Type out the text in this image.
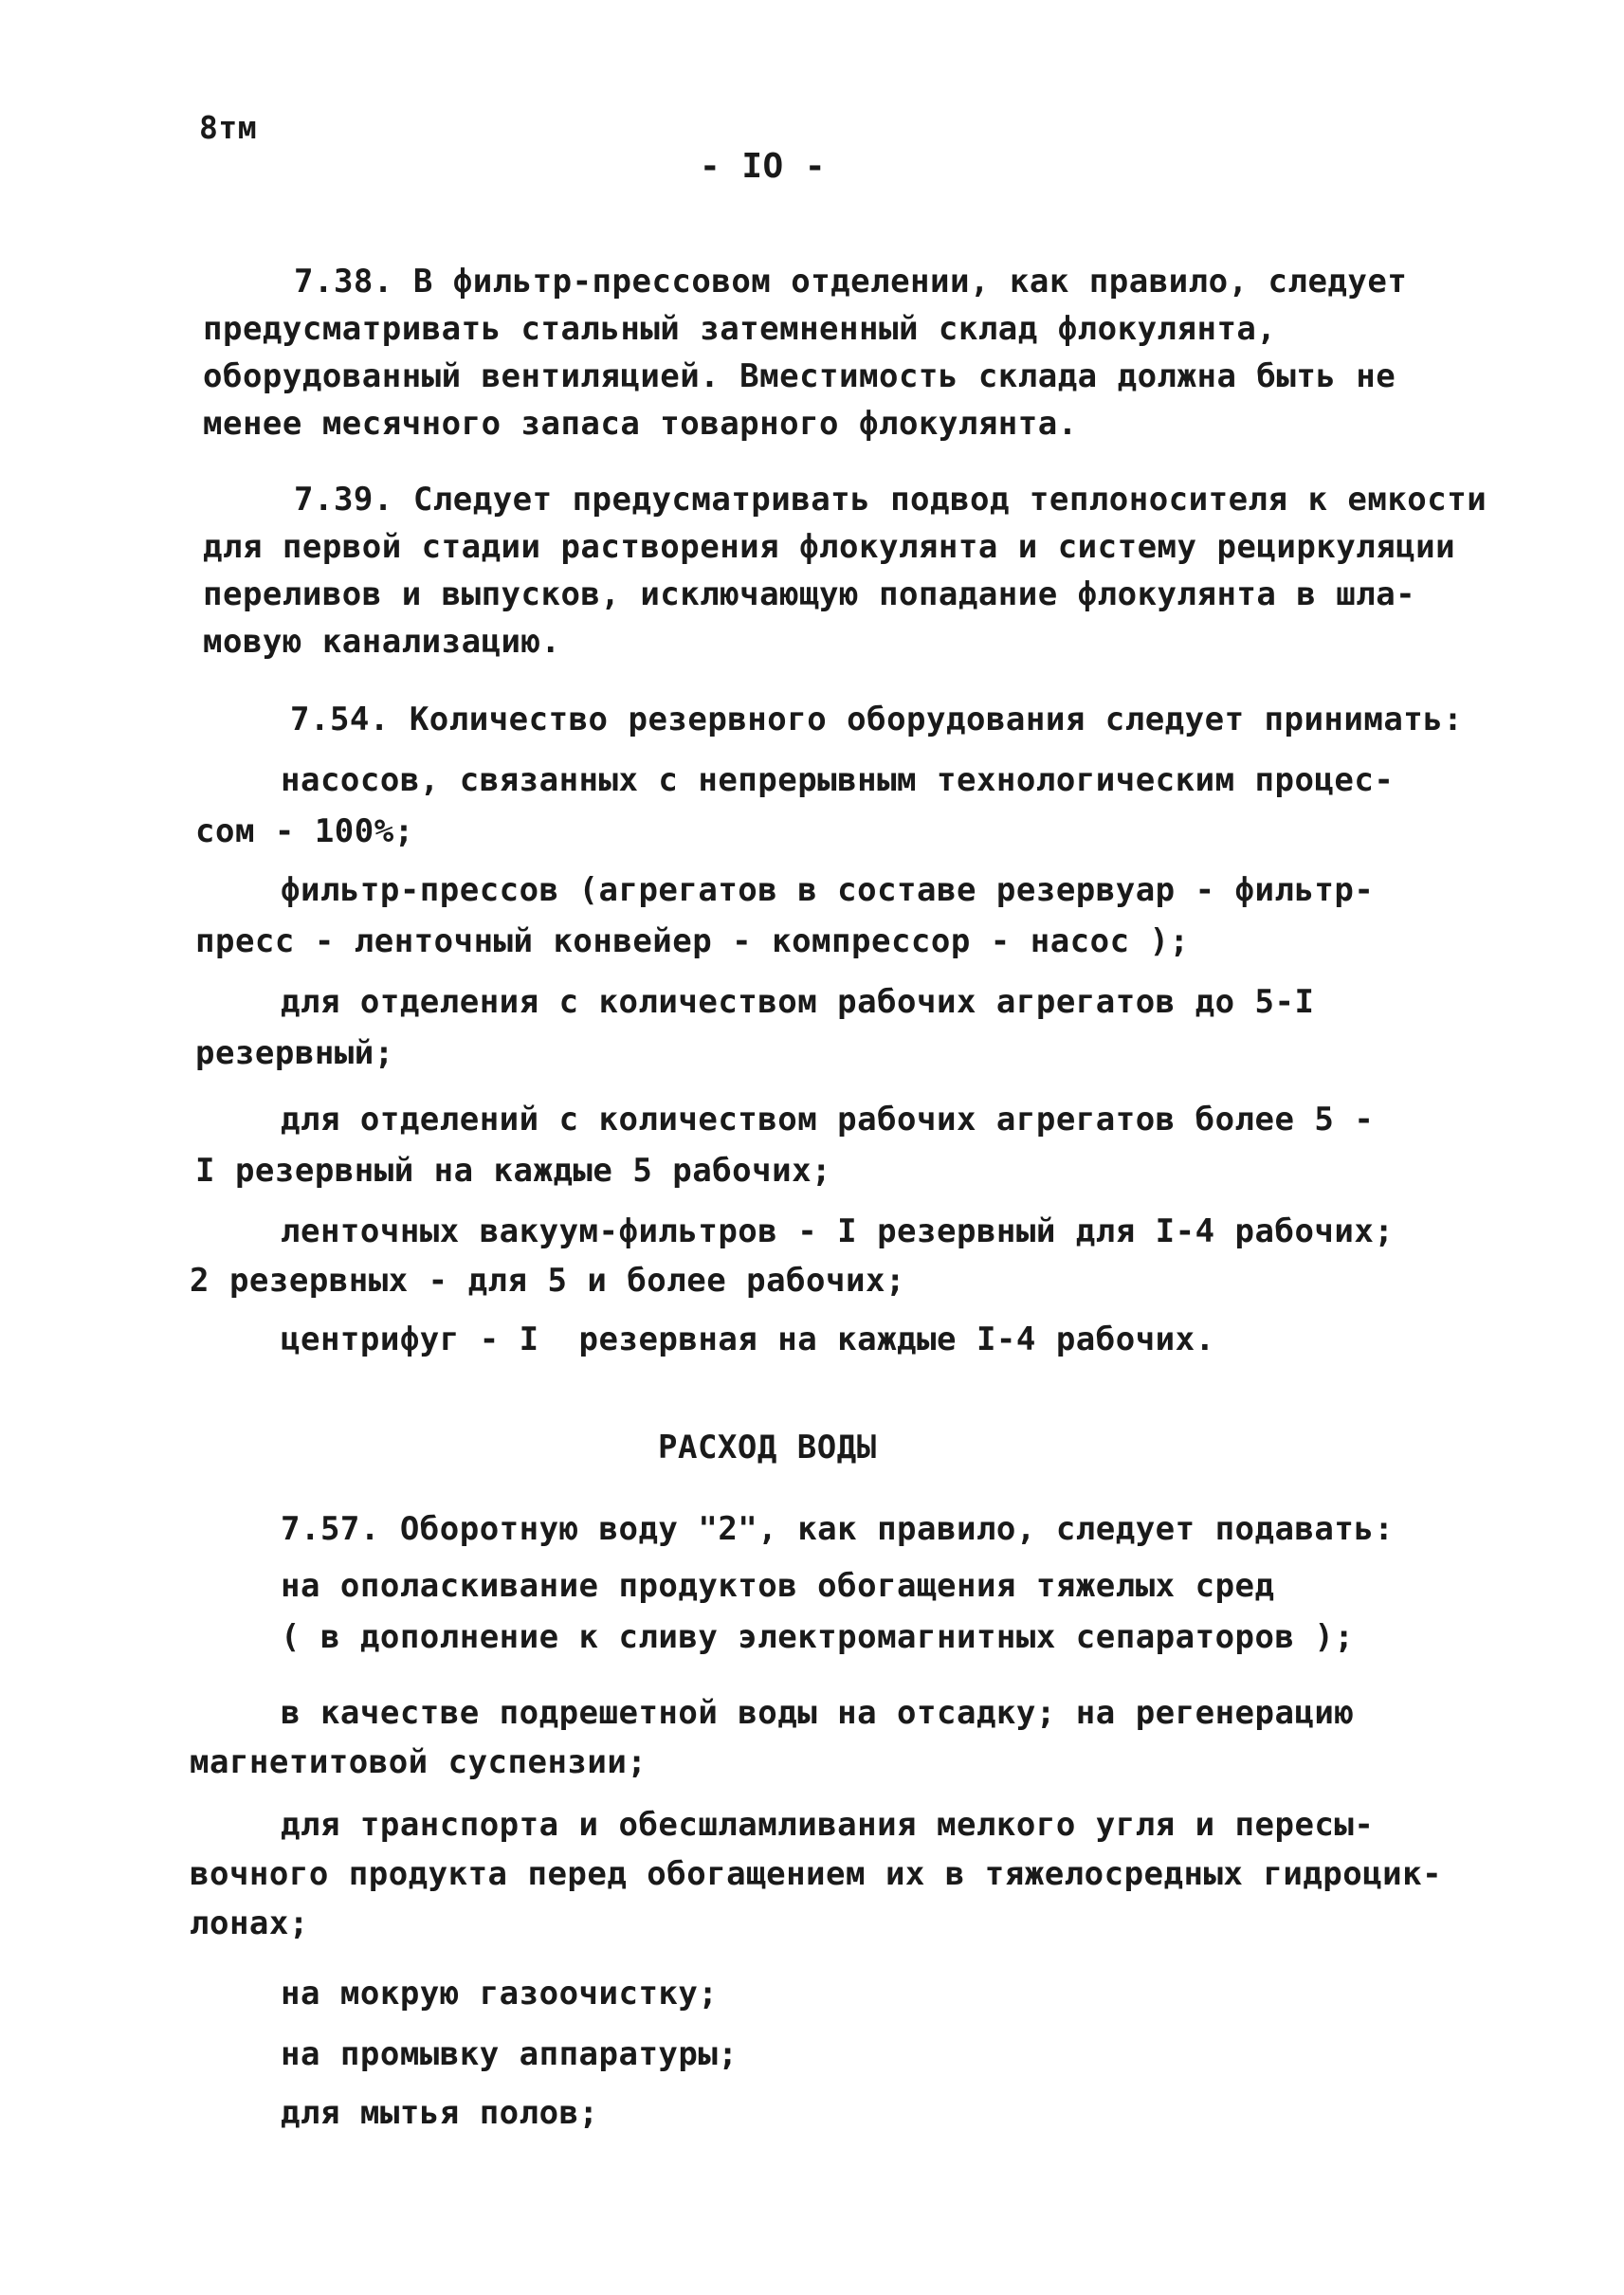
8тм
- IO -
7.38. В фильтр-прессовом отделении, как правило, следует
предусматривать стальный затемненный склад флокулянта,
оборудованный вентиляцией. Вместимость склада должна быть не
менее месячного запаса товарного флокулянта.
7.39. Следует предусматривать подвод теплоносителя к емкости
для первой стадии растворения флокулянта и систему рециркуляции
переливов и выпусков, исключающую попадание флокулянта в шла-
мовую канализацию.
7.54. Количество резервного оборудования следует принимать:
насосов, связанных с непрерывным технологическим процес-
сом - 100%;
фильтр-прессов (агрегатов в составе резервуар - фильтр-
пресс - ленточный конвейер - компрессор - насос );
для отделения с количеством рабочих агрегатов до 5-I
резервный;
для отделений с количеством рабочих агрегатов более 5 -
I резервный на каждые 5 рабочих;
ленточных вакуум-фильтров - I резервный для I-4 рабочих;
2 резервных - для 5 и более рабочих;
центрифуг - I  резервная на каждые I-4 рабочих.
РАСХОД ВОДЫ
7.57. Оборотную воду "2", как правило, следует подавать:
на ополаскивание продуктов обогащения тяжелых сред
( в дополнение к сливу электромагнитных сепараторов );
в качестве подрешетной воды на отсадку; на регенерацию
магнетитовой суспензии;
для транспорта и обесшламливания мелкого угля и пересы-
вочного продукта перед обогащением их в тяжелосредных гидроцик-
лонах;
на мокрую газоочистку;
на промывку аппаратуры;
для мытья полов;
